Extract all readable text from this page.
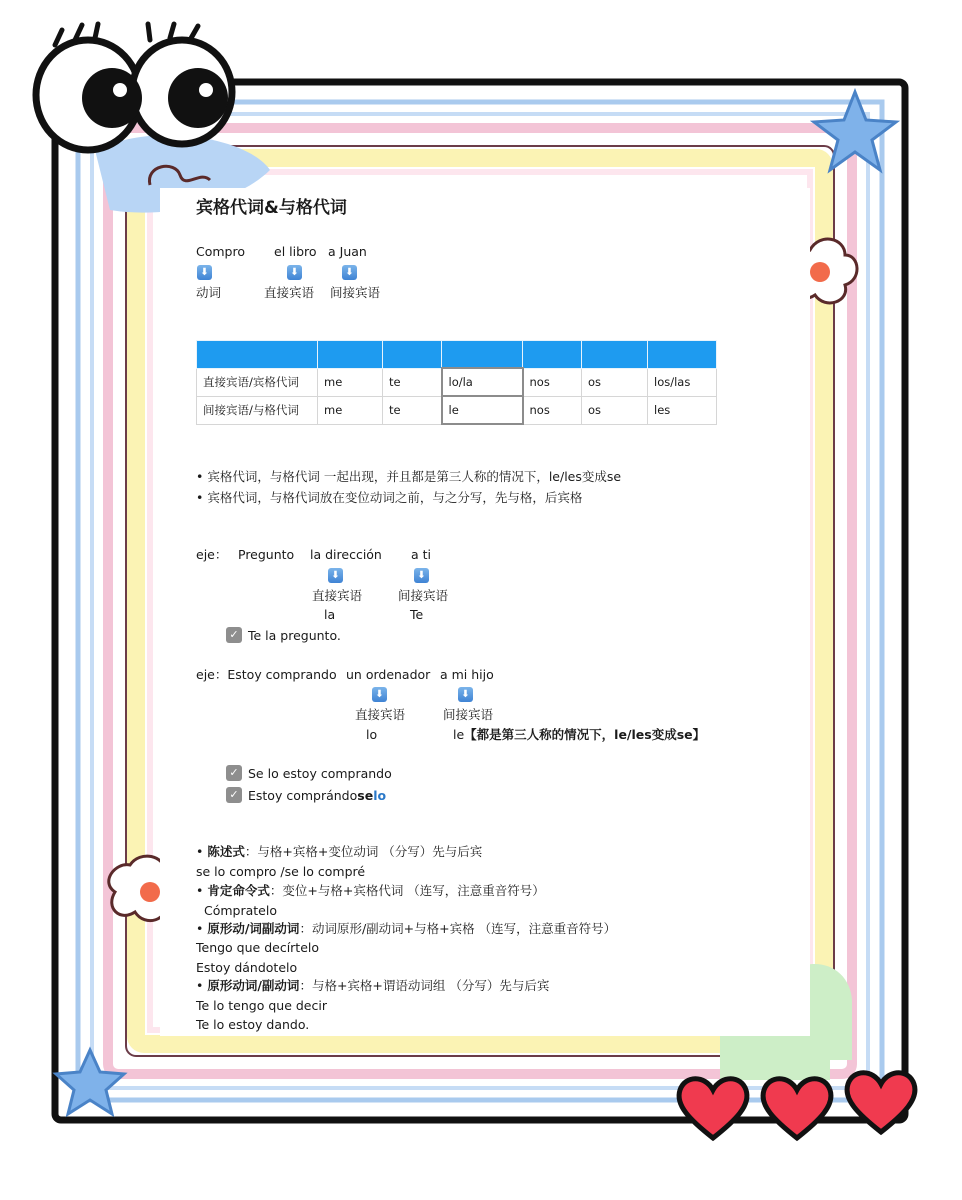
宾格代词&与格代词
Compro el libro a Juan
⬇	⬇	⬇
动词	直接宾语 间接宾语

直接宾语/宾格代词	me	te	lo/la	nos	os	los/las
间接宾语/与格代词	me	te	le	nos	os	les
• 宾格代词，与格代词 一起出现，并且都是第三人称的情况下，le/les变成se
• 宾格代词，与格代词放在变位动词之前，与之分写，先与格，后宾格
eje： Pregunto la dirección a ti
⬇	⬇
直接宾语	间接宾语
la	Te
✓ Te la pregunto.
eje：Estoy comprando un ordenador a mi hijo
⬇	⬇
直接宾语	间接宾语
lo	le【都是第三人称的情况下，le/les变成se】
✓ Se lo estoy comprando
✓ Estoy comprándoselo
• 陈述式：与格+宾格+变位动词 （分写）先与后宾
se lo compro /se lo compré
• 肯定命令式：变位+与格+宾格代词 （连写，注意重音符号）
Cómpratelo
• 原形动/词副动词：动词原形/副动词+与格+宾格 （连写，注意重音符号）
Tengo que decírtelo
Estoy dándotelo
• 原形动词/副动词：与格+宾格+谓语动词组 （分写）先与后宾
Te lo tengo que decir
Te lo estoy dando.
